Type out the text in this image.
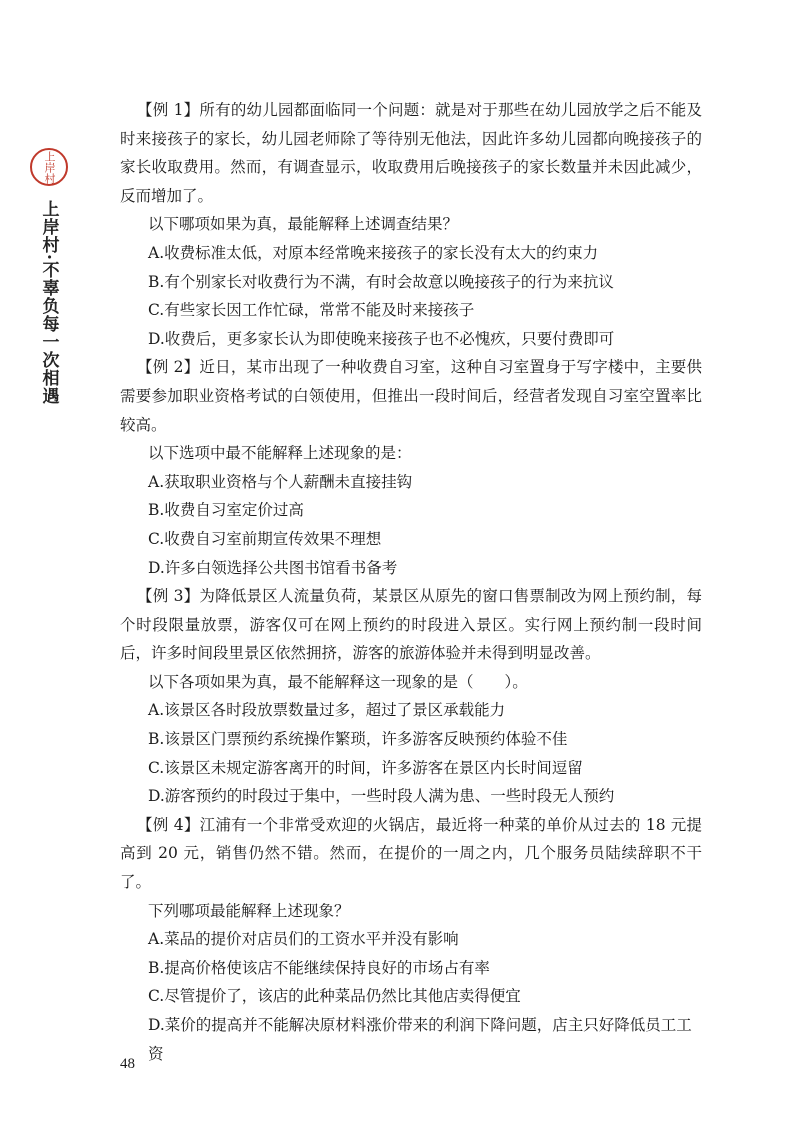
上岸村
上岸村·不辜负每一次相遇

【例 1】所有的幼儿园都面临同一个问题：就是对于那些在幼儿园放学之后不能及时来接孩子的家长，幼儿园老师除了等待别无他法，因此许多幼儿园都向晚接孩子的家长收取费用。然而，有调查显示，收取费用后晚接孩子的家长数量并未因此减少，反而增加了。

以下哪项如果为真，最能解释上述调查结果？

A.收费标准太低，对原本经常晚来接孩子的家长没有太大的约束力

B.有个别家长对收费行为不满，有时会故意以晚接孩子的行为来抗议

C.有些家长因工作忙碌，常常不能及时来接孩子

D.收费后，更多家长认为即使晚来接孩子也不必愧疚，只要付费即可

【例 2】近日，某市出现了一种收费自习室，这种自习室置身于写字楼中，主要供需要参加职业资格考试的白领使用，但推出一段时间后，经营者发现自习室空置率比较高。

以下选项中最不能解释上述现象的是：

A.获取职业资格与个人薪酬未直接挂钩

B.收费自习室定价过高

C.收费自习室前期宣传效果不理想

D.许多白领选择公共图书馆看书备考

【例 3】为降低景区人流量负荷，某景区从原先的窗口售票制改为网上预约制，每个时段限量放票，游客仅可在网上预约的时段进入景区。实行网上预约制一段时间后，许多时间段里景区依然拥挤，游客的旅游体验并未得到明显改善。

以下各项如果为真，最不能解释这一现象的是（　　）。

A.该景区各时段放票数量过多，超过了景区承载能力

B.该景区门票预约系统操作繁琐，许多游客反映预约体验不佳

C.该景区未规定游客离开的时间，许多游客在景区内长时间逗留

D.游客预约的时段过于集中，一些时段人满为患、一些时段无人预约

【例 4】江浦有一个非常受欢迎的火锅店，最近将一种菜的单价从过去的 18 元提高到 20 元，销售仍然不错。然而，在提价的一周之内，几个服务员陆续辞职不干了。

下列哪项最能解释上述现象？

A.菜品的提价对店员们的工资水平并没有影响

B.提高价格使该店不能继续保持良好的市场占有率

C.尽管提价了，该店的此种菜品仍然比其他店卖得便宜

D.菜价的提高并不能解决原材料涨价带来的利润下降问题，店主只好降低员工工资

48
